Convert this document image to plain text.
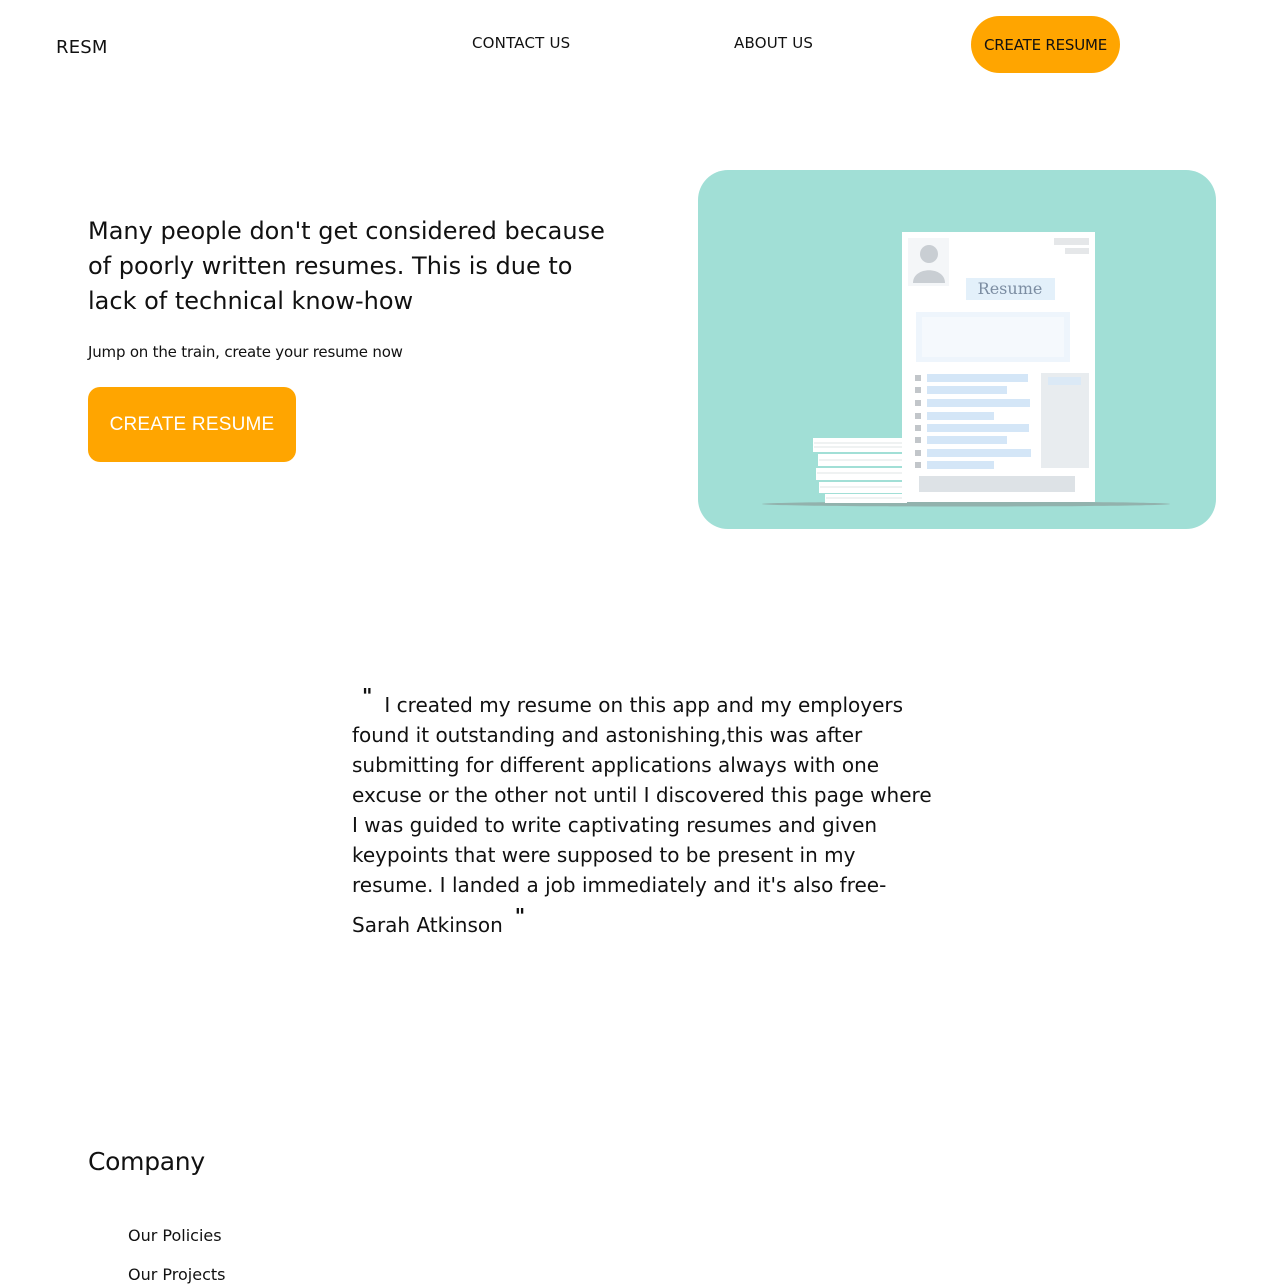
RESM	CONTACT US	ABOUT US	CREATE RESUME
Many people don't get considered because of poorly written resumes. This is due to lack of technical know-how
Jump on the train, create your resume now
CREATE RESUME
Resume

" I created my resume on this app and my employers found it outstanding and astonishing,this was after submitting for different applications always with one excuse or the other not until I discovered this page where I was guided to write captivating resumes and given keypoints that were supposed to be present in my resume. I landed a job immediately and it's also free-
Sarah Atkinson "

Company
Our Policies
Our Projects
